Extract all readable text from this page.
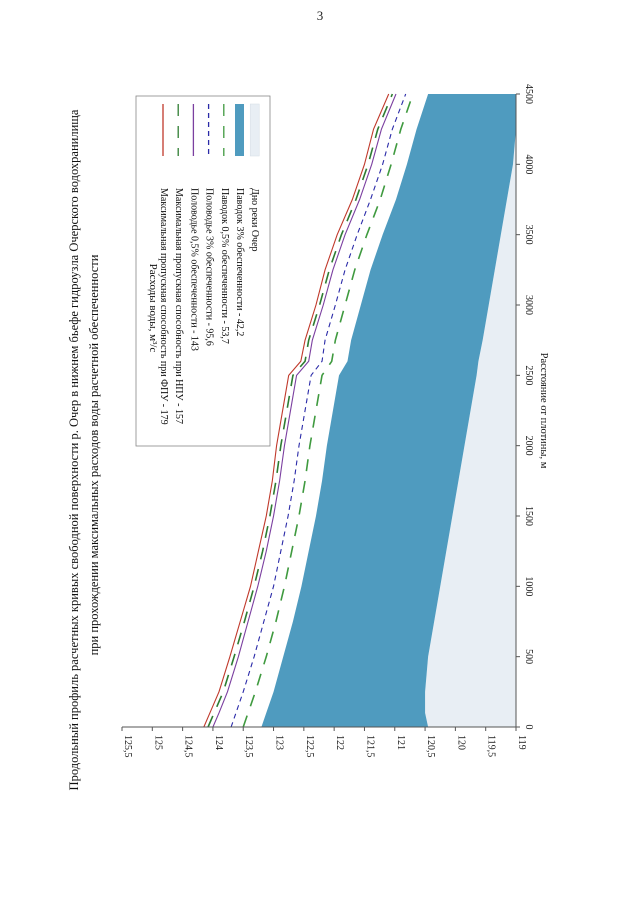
3
119
119,5
120
120,5
121
121,5
122
122,5
123
123,5
124
124,5
125
125,5
0
500
1000
1500
2000
2500
3000
3500
4000
4500
Расстояние от плотины, м
Расходы воды, м³/с Максимальная пропускная способность при ФПУ - 179 Максимальная пропускная способность при НПУ - 157 Половодье 0,5% обеспеченности - 143 Половодье 3% обеспеченности - 95,6 Паводок 0,5% обеспеченности - 53,7 Паводок 3% обеспеченности - 42,2 Дно реки Очер
Продольный профиль расчетных кривых свободной поверхности р. Очер в нижнем бьефе гидроузла Очерского водохранилища при прохождении максимальных расходов воды расчетной обеспеченности
